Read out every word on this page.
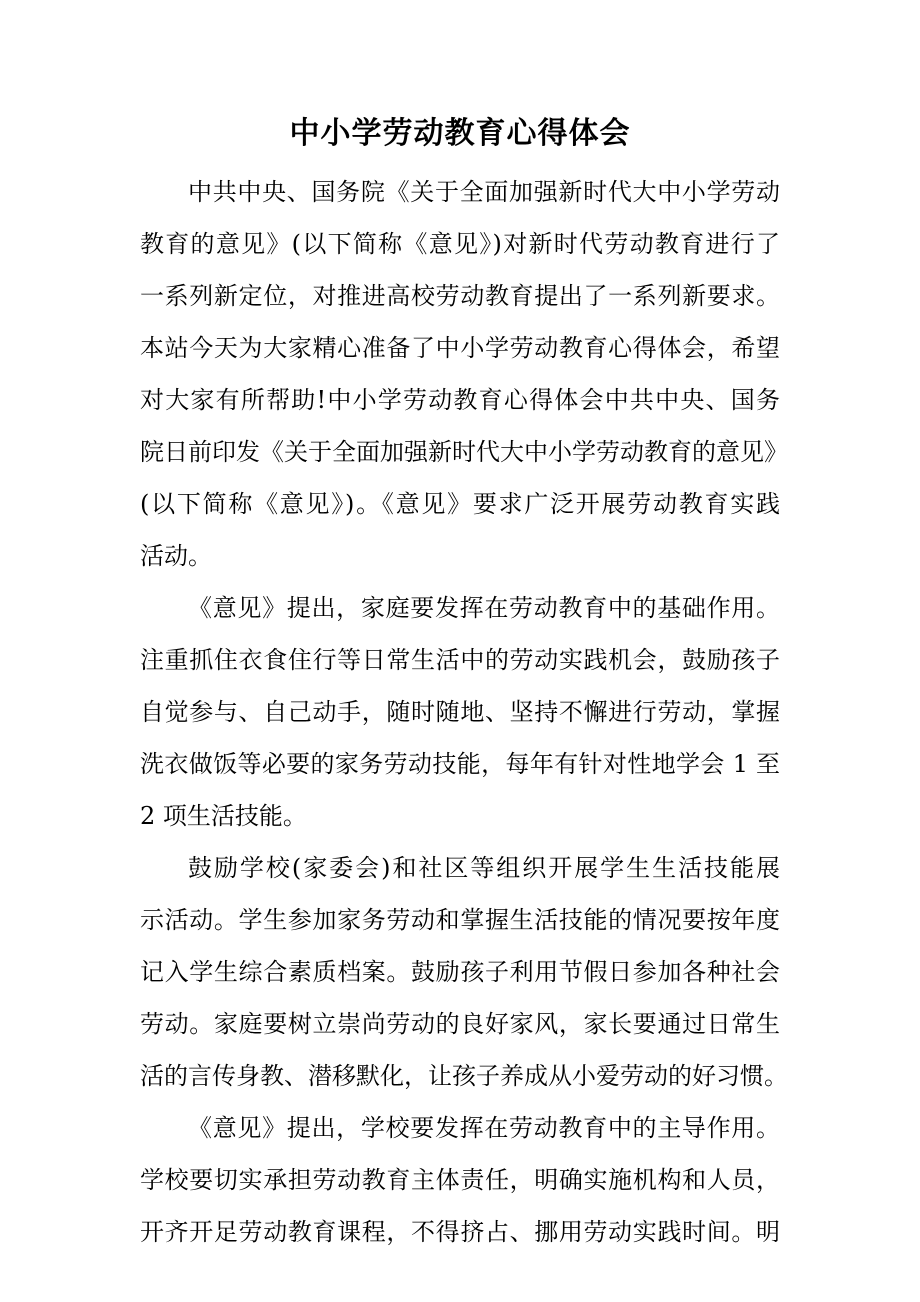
中小学劳动教育心得体会
中共中央、国务院《关于全面加强新时代大中小学劳动
教育的意见》(以下简称《意见》)对新时代劳动教育进行了
一系列新定位，对推进高校劳动教育提出了一系列新要求。
本站今天为大家精心准备了中小学劳动教育心得体会，希望
对大家有所帮助!中小学劳动教育心得体会中共中央、国务
院日前印发《关于全面加强新时代大中小学劳动教育的意见》
(以下简称《意见》)。《意见》要求广泛开展劳动教育实践
活动。
《意见》提出，家庭要发挥在劳动教育中的基础作用。
注重抓住衣食住行等日常生活中的劳动实践机会，鼓励孩子
自觉参与、自己动手，随时随地、坚持不懈进行劳动，掌握
洗衣做饭等必要的家务劳动技能，每年有针对性地学会 1 至
2 项生活技能。
鼓励学校(家委会)和社区等组织开展学生生活技能展
示活动。学生参加家务劳动和掌握生活技能的情况要按年度
记入学生综合素质档案。鼓励孩子利用节假日参加各种社会
劳动。家庭要树立崇尚劳动的良好家风，家长要通过日常生
活的言传身教、潜移默化，让孩子养成从小爱劳动的好习惯。
《意见》提出，学校要发挥在劳动教育中的主导作用。
学校要切实承担劳动教育主体责任，明确实施机构和人员，
开齐开足劳动教育课程，不得挤占、挪用劳动实践时间。明
